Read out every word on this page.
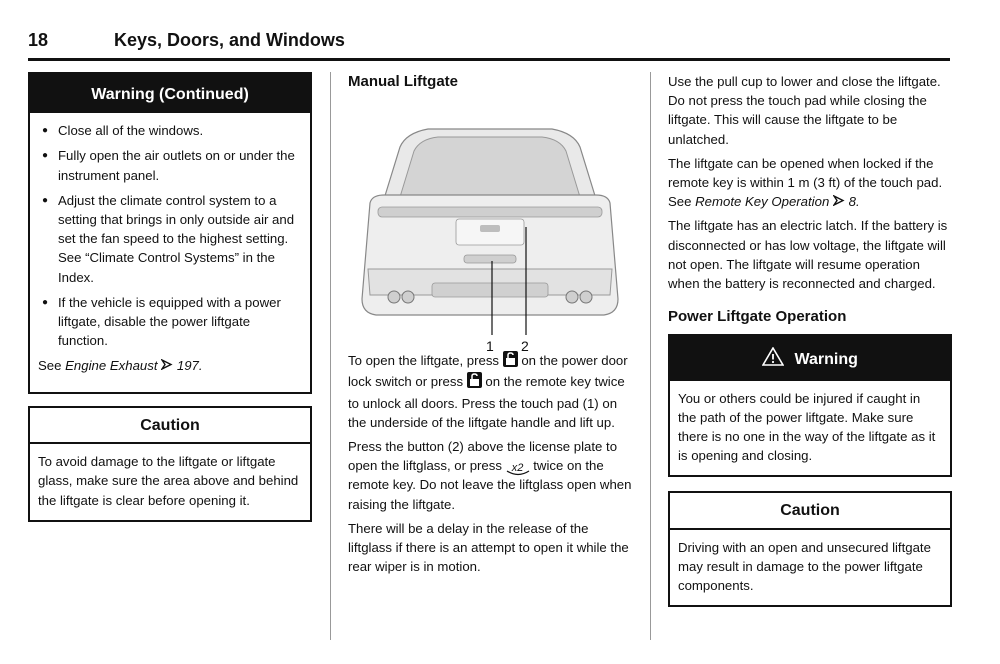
18	Keys, Doors, and Windows
Warning (Continued)
● Close all of the windows.
● Fully open the air outlets on or under the instrument panel.
● Adjust the climate control system to a setting that brings in only outside air and set the fan speed to the highest setting. See “Climate Control Systems” in the Index.
● If the vehicle is equipped with a power liftgate, disable the power liftgate function.
See Engine Exhaust 197.
Caution
To avoid damage to the liftgate or liftgate glass, make sure the area above and behind the liftgate is clear before opening it.
Manual Liftgate
1 2

To open the liftgate, press  on the power door lock switch or press  on the remote key twice to unlock all doors. Press the touch pad (1) on the underside of the liftgate handle and lift up.

Press the button (2) above the license plate to open the liftglass, or press x2
twice on the remote key. Do not leave the liftglass open when raising the liftgate.

There will be a delay in the release of the liftglass if there is an attempt to open it while the rear wiper is in motion.

Use the pull cup to lower and close the liftgate. Do not press the touch pad while closing the liftgate. This will cause the liftgate to be unlatched.

The liftgate can be opened when locked if the remote key is within 1 m (3 ft) of the touch pad. See Remote Key Operation 8.

The liftgate has an electric latch. If the battery is disconnected or has low voltage, the liftgate will not open. The liftgate will resume operation when the battery is reconnected and charged.

Power Liftgate Operation
Warning
You or others could be injured if caught in the path of the power liftgate. Make sure there is no one in the way of the liftgate as it is opening and closing.
Caution
Driving with an open and unsecured liftgate may result in damage to the power liftgate components.
